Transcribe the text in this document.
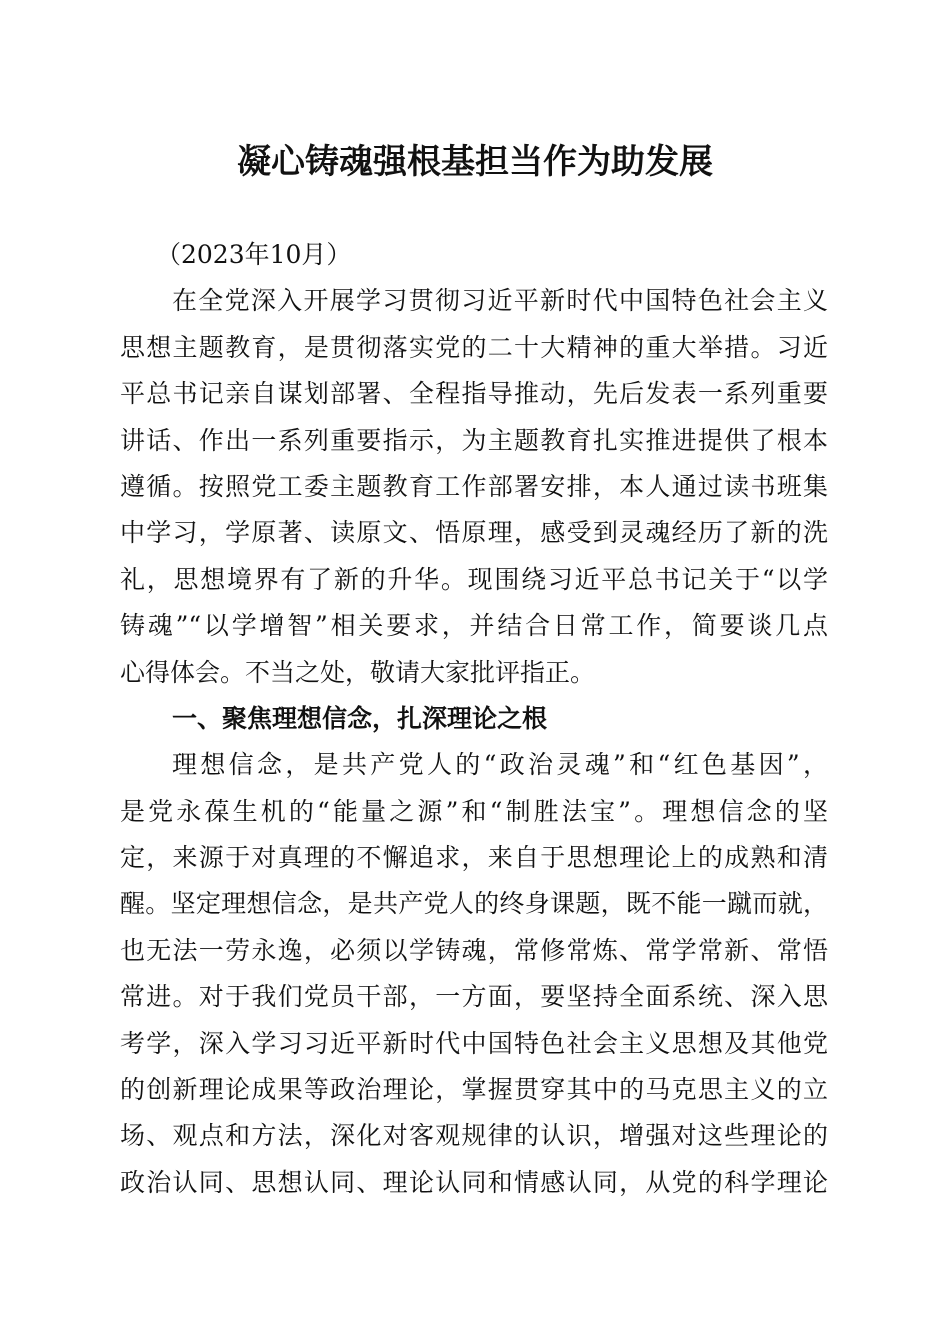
凝心铸魂强根基担当作为助发展
（2023年10月）
在全党深入开展学习贯彻习近平新时代中国特色社会主义
思想主题教育，是贯彻落实党的二十大精神的重大举措。习近
平总书记亲自谋划部署、全程指导推动，先后发表一系列重要
讲话、作出一系列重要指示，为主题教育扎实推进提供了根本
遵循。按照党工委主题教育工作部署安排，本人通过读书班集
中学习，学原著、读原文、悟原理，感受到灵魂经历了新的洗
礼，思想境界有了新的升华。现围绕习近平总书记关于“以学
铸魂”“以学增智”相关要求，并结合日常工作，简要谈几点
心得体会。不当之处，敬请大家批评指正。
一、聚焦理想信念，扎深理论之根
理想信念，是共产党人的“政治灵魂”和“红色基因”，
是党永葆生机的“能量之源”和“制胜法宝”。理想信念的坚
定，来源于对真理的不懈追求，来自于思想理论上的成熟和清
醒。坚定理想信念，是共产党人的终身课题，既不能一蹴而就，
也无法一劳永逸，必须以学铸魂，常修常炼、常学常新、常悟
常进。对于我们党员干部，一方面，要坚持全面系统、深入思
考学，深入学习习近平新时代中国特色社会主义思想及其他党
的创新理论成果等政治理论，掌握贯穿其中的马克思主义的立
场、观点和方法，深化对客观规律的认识，增强对这些理论的
政治认同、思想认同、理论认同和情感认同，从党的科学理论
